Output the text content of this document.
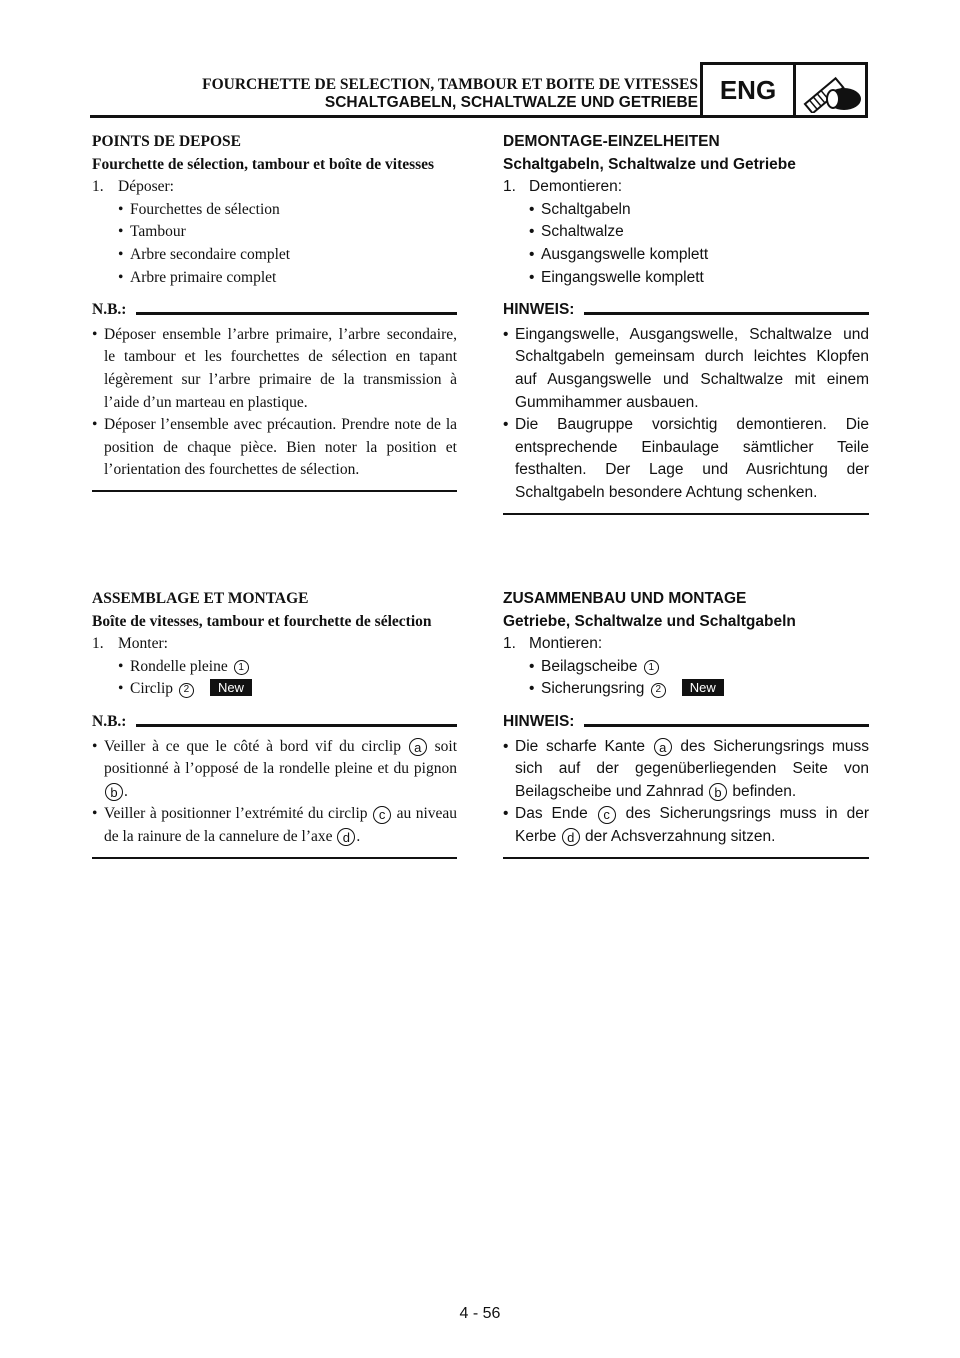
FOURCHETTE DE SELECTION, TAMBOUR ET BOITE DE VITESSES
SCHALTGABELN, SCHALTWALZE UND GETRIEBE ENG
POINTS DE DEPOSE
Fourchette de sélection, tambour et boîte de vitesses
1. Déposer:
• Fourchettes de sélection
• Tambour
• Arbre secondaire complet
• Arbre primaire complet
N.B.:
• Déposer ensemble l’arbre primaire, l’arbre secondaire, le tambour et les fourchettes de sélection en tapant légèrement sur l’arbre primaire de la transmission à l’aide d’un marteau en plastique.
• Déposer l’ensemble avec précaution. Prendre note de la position de chaque pièce. Bien noter la position et l’orientation des fourchettes de sélection.
DEMONTAGE-EINZELHEITEN
Schaltgabeln, Schaltwalze und Getriebe
1. Demontieren:
• Schaltgabeln
• Schaltwalze
• Ausgangswelle komplett
• Eingangswelle komplett
HINWEIS:
• Eingangswelle, Ausgangswelle, Schaltwalze und Schaltgabeln gemeinsam durch leichtes Klopfen auf Ausgangswelle und Schaltwalze mit einem Gummihammer ausbauen.
• Die Baugruppe vorsichtig demontieren. Die entsprechende Einbaulage sämtlicher Teile festhalten. Der Lage und Ausrichtung der Schaltgabeln besondere Achtung schenken.
ASSEMBLAGE ET MONTAGE
Boîte de vitesses, tambour et fourchette de sélection
1. Monter:
• Rondelle pleine 1
• Circlip 2 New
N.B.:
• Veiller à ce que le côté à bord vif du circlip a soit positionné à l’opposé de la rondelle pleine et du pignon b .
• Veiller à positionner l’extrémité du circlip c au niveau de la rainure de la cannelure de l’axe d .
ZUSAMMENBAU UND MONTAGE
Getriebe, Schaltwalze und Schaltgabeln
1. Montieren:
• Beilagscheibe 1
• Sicherungsring 2 New
HINWEIS:
• Die scharfe Kante a des Sicherungsrings muss sich auf der gegenüberliegenden Seite von Beilagscheibe und Zahnrad b befinden.
• Das Ende c des Sicherungsrings muss in der Kerbe d der Achsverzahnung sitzen.
4 - 56
